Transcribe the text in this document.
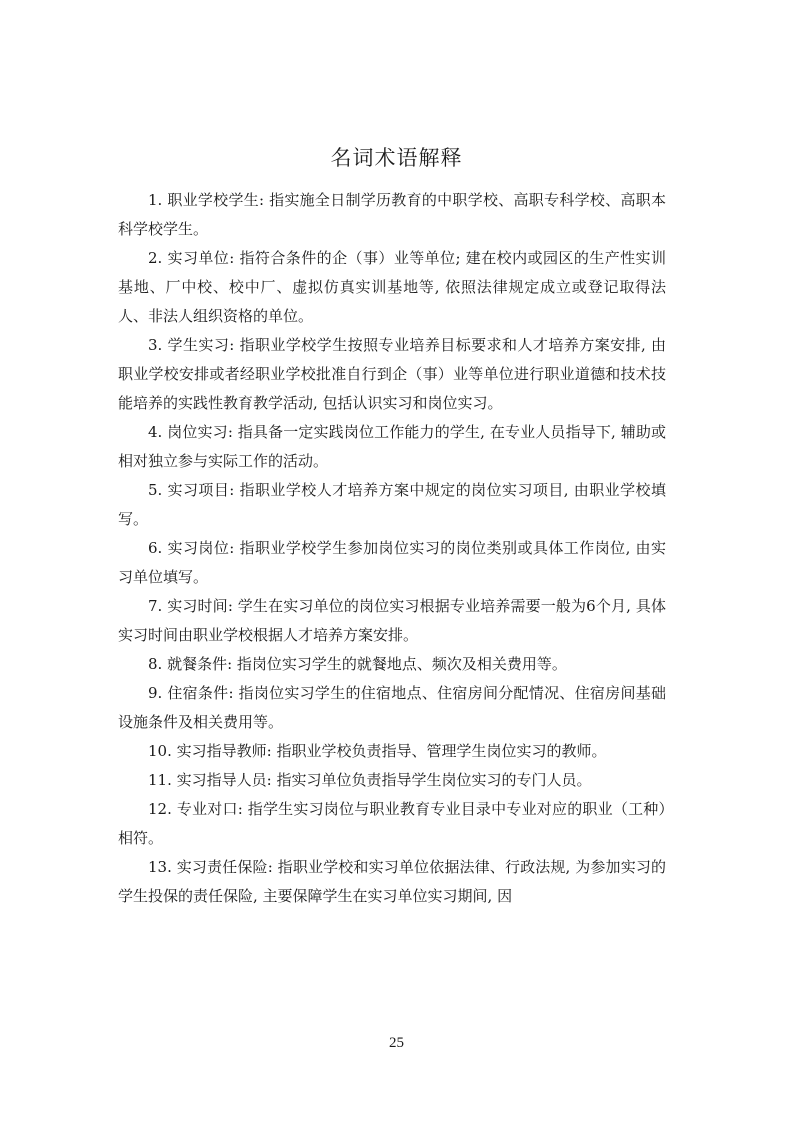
名词术语解释

1. 职业学校学生: 指实施全日制学历教育的中职学校、高职专科学校、高职本科学校学生。

2. 实习单位: 指符合条件的企（事）业等单位; 建在校内或园区的生产性实训基地、厂中校、校中厂、虚拟仿真实训基地等, 依照法律规定成立或登记取得法人、非法人组织资格的单位。

3. 学生实习: 指职业学校学生按照专业培养目标要求和人才培养方案安排, 由职业学校安排或者经职业学校批准自行到企（事）业等单位进行职业道德和技术技能培养的实践性教育教学活动, 包括认识实习和岗位实习。

4. 岗位实习: 指具备一定实践岗位工作能力的学生, 在专业人员指导下, 辅助或相对独立参与实际工作的活动。

5. 实习项目: 指职业学校人才培养方案中规定的岗位实习项目, 由职业学校填写。

6. 实习岗位: 指职业学校学生参加岗位实习的岗位类别或具体工作岗位, 由实习单位填写。

7. 实习时间: 学生在实习单位的岗位实习根据专业培养需要一般为6个月, 具体实习时间由职业学校根据人才培养方案安排。

8. 就餐条件: 指岗位实习学生的就餐地点、频次及相关费用等。

9. 住宿条件: 指岗位实习学生的住宿地点、住宿房间分配情况、住宿房间基础设施条件及相关费用等。

10. 实习指导教师: 指职业学校负责指导、管理学生岗位实习的教师。

11. 实习指导人员: 指实习单位负责指导学生岗位实习的专门人员。

12. 专业对口: 指学生实习岗位与职业教育专业目录中专业对应的职业（工种）相符。

13. 实习责任保险: 指职业学校和实习单位依据法律、行政法规, 为参加实习的学生投保的责任保险, 主要保障学生在实习单位实习期间, 因

25
